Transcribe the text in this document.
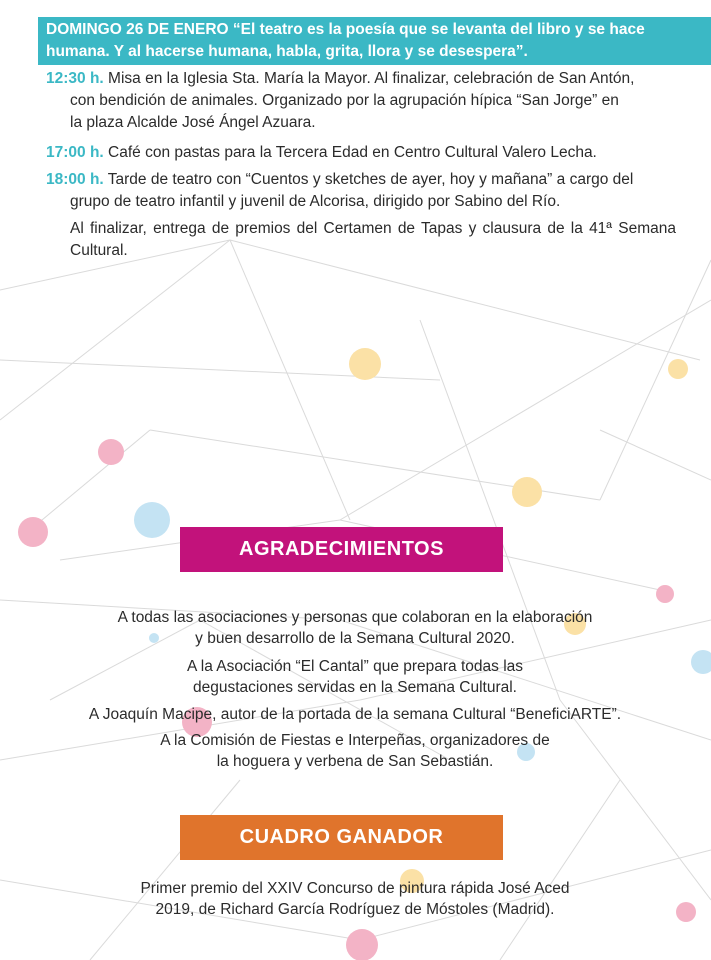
DOMINGO 26 DE ENERO “El teatro es la poesía que se levanta del libro y se hace humana. Y al hacerse humana, habla, grita, llora y se desespera”.
12:30 h. Misa en la Iglesia Sta. María la Mayor. Al finalizar, celebración de San Antón,
con bendición de animales. Organizado por la agrupación hípica “San Jorge” en
la plaza Alcalde José Ángel Azuara.
17:00 h. Café con pastas para la Tercera Edad en Centro Cultural Valero Lecha.
18:00 h. Tarde de teatro con “Cuentos y sketches de ayer, hoy y mañana” a cargo del
grupo de teatro infantil y juvenil de Alcorisa, dirigido por Sabino del Río.
Al finalizar, entrega de premios del Certamen de Tapas y clausura de la 41ª Semana Cultural.
AGRADECIMIENTOS
A todas las asociaciones y personas que colaboran en la elaboración
y buen desarrollo de la Semana Cultural 2020.
A la Asociación “El Cantal” que prepara todas las
degustaciones servidas en la Semana Cultural.
A Joaquín Macipe, autor de la portada de la semana Cultural “BeneficiARTE”.
A la Comisión de Fiestas e Interpeñas, organizadores de
la hoguera y verbena de San Sebastián.
CUADRO GANADOR
Primer premio del XXIV Concurso de pintura rápida José Aced
2019, de Richard García Rodríguez de Móstoles (Madrid).
